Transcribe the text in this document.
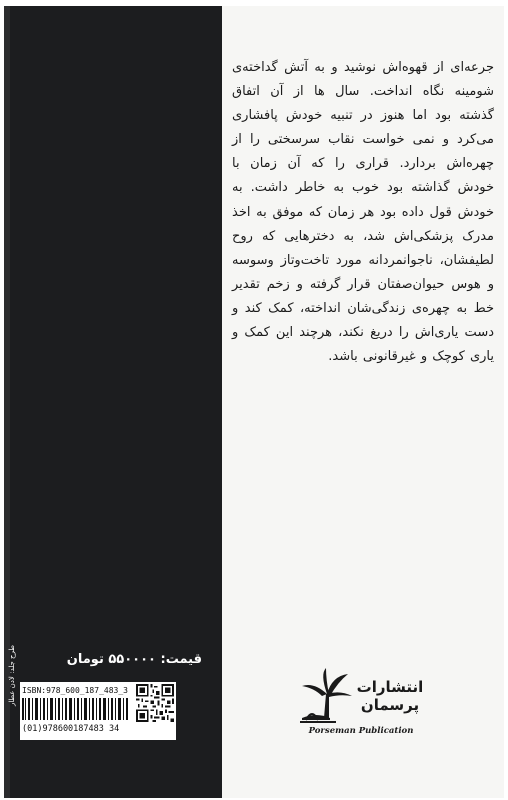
قیمت: ۵۵۰۰۰۰ تومان
طرح جلد: لادن عطار ISBN:978_600_187_483_3
(01)978600187483 34

جرعه‌ای از قهوه‌اش نوشید و به آتش گداخته‌ی شومینه نگاه انداخت. سال ها از آن اتفاق گذشته بود اما هنوز در تنبیه خودش پافشاری می‌کرد و نمی خواست نقاب سرسختی را از چهره‌اش بردارد. قراری را که آن زمان با خودش گذاشته بود خوب به خاطر داشت. به خودش قول داده بود هر زمان که موفق به اخذ مدرک پزشکی‌اش شد، به دخترهایی که روح لطیفشان، ناجوانمردانه مورد تاخت‌وتاز وسوسه و هوس حیوان‌صفتان قرار گرفته و زخم تقدیر خط به چهره‌ی زندگی‌شان انداخته، کمک کند و دست یاری‌اش را دریغ نکند، هرچند این کمک و یاری کوچک و غیرقانونی باشد.

انتشارات پرسمان
Porseman Publication
